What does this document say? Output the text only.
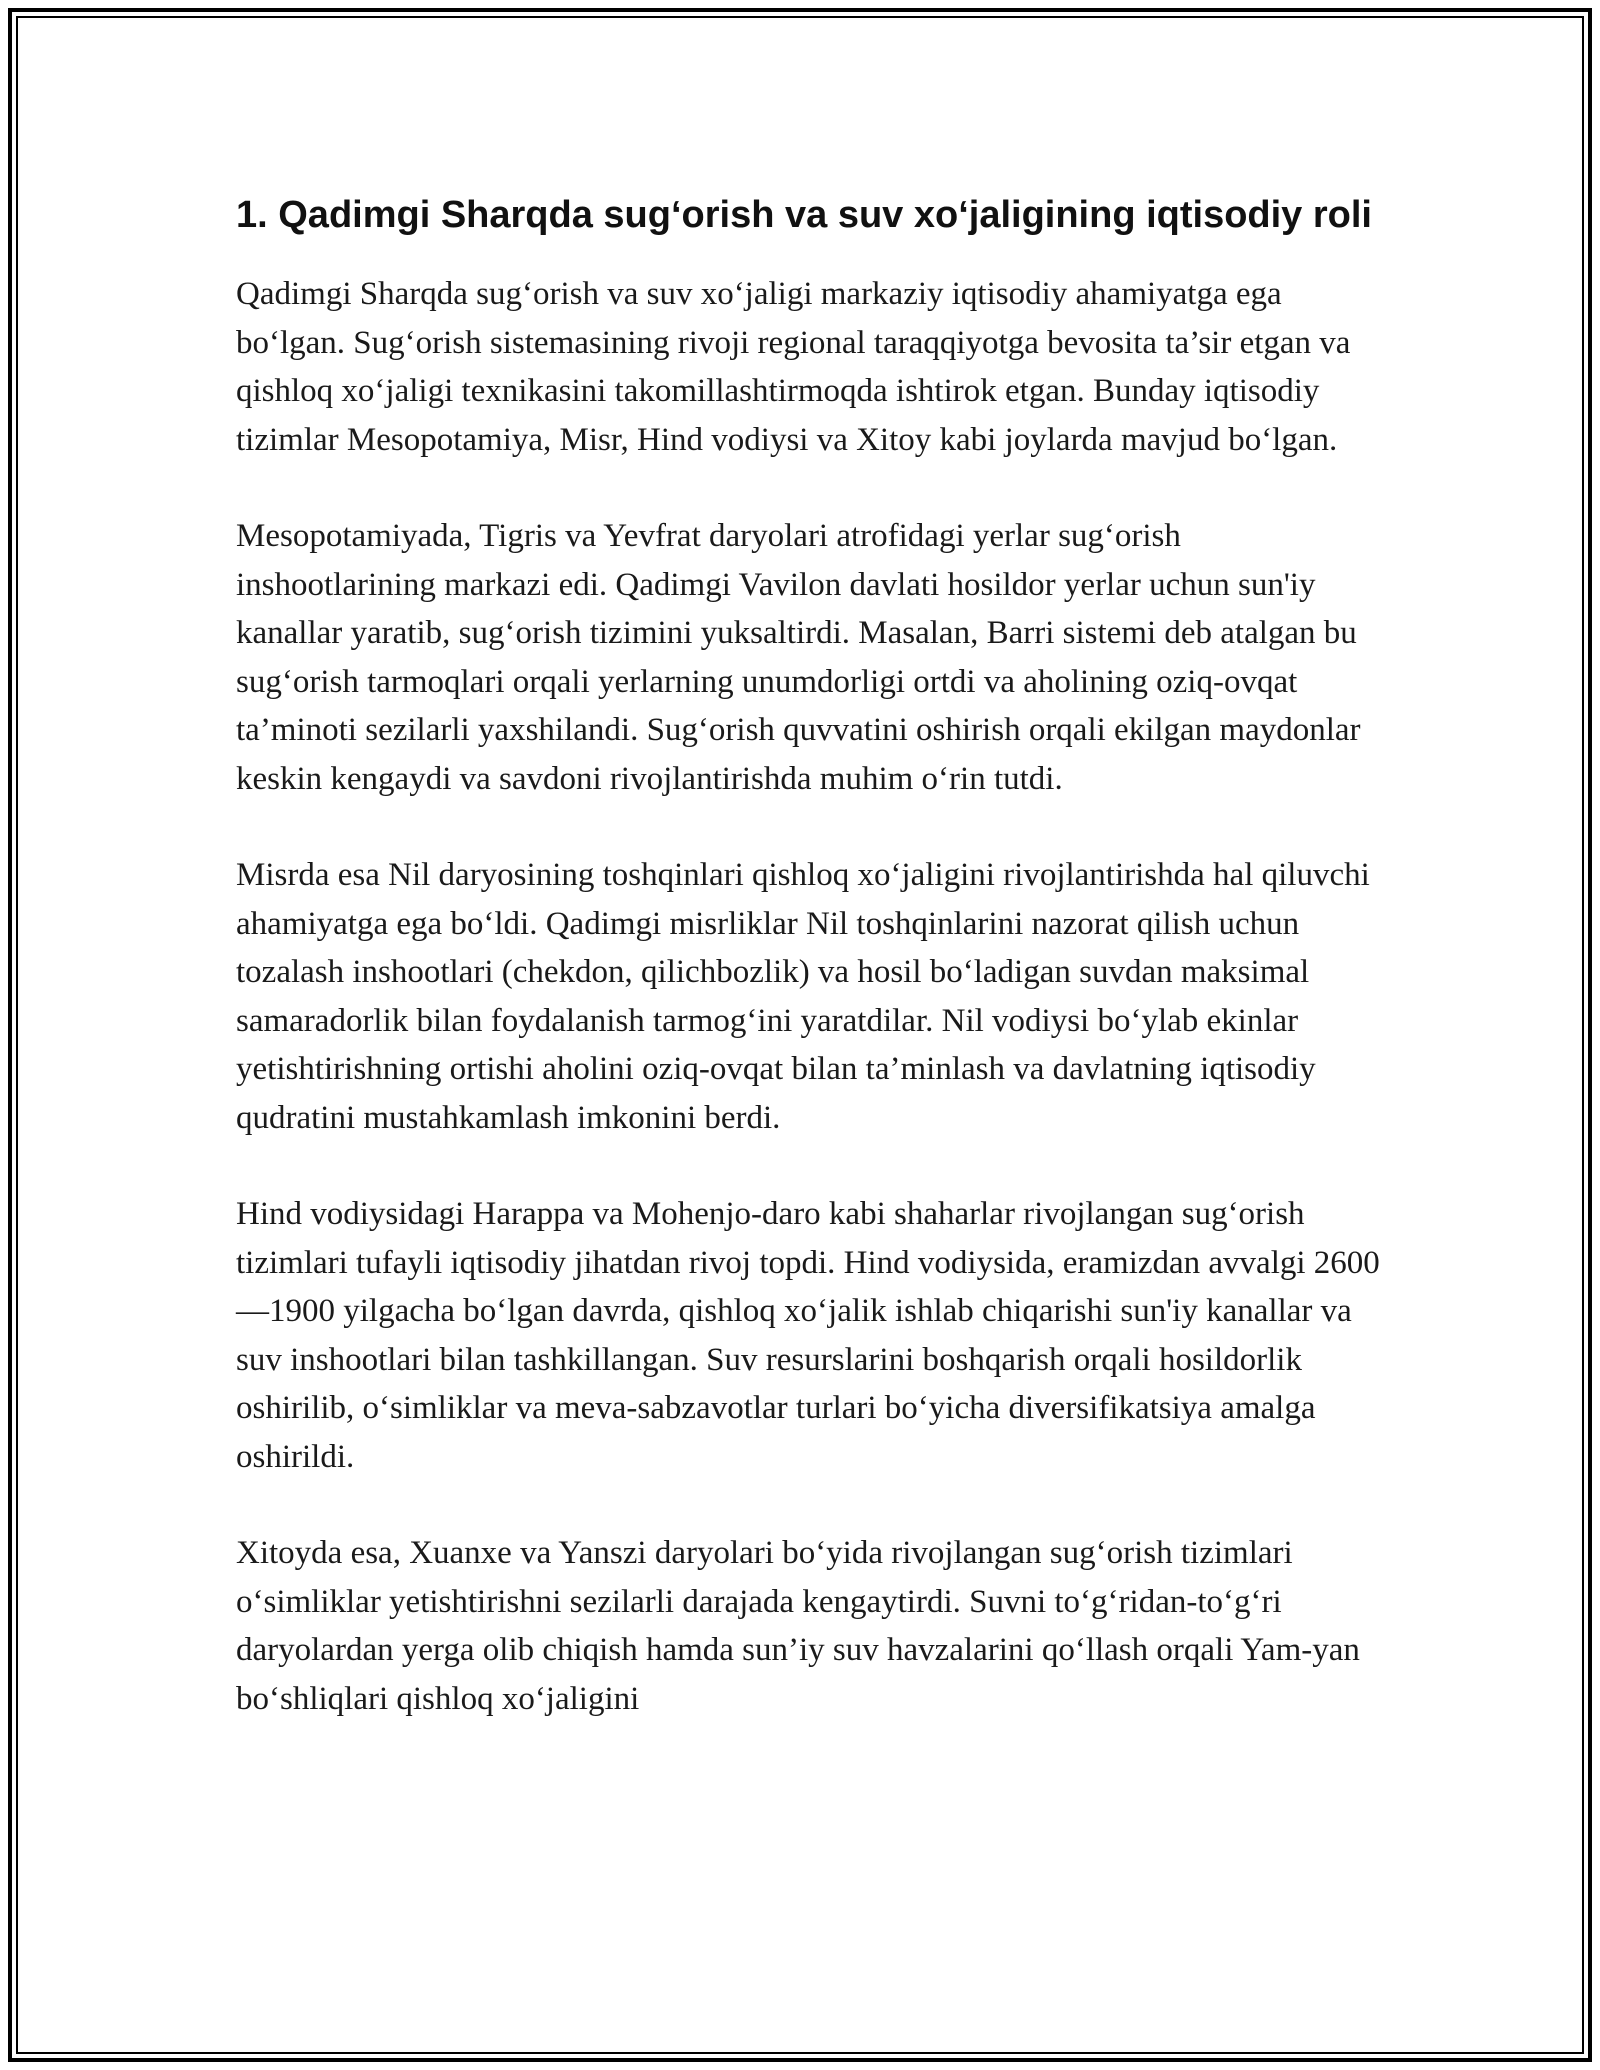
1. Qadimgi Sharqda sug‘orish va suv xo‘jaligining iqtisodiy roli

Qadimgi Sharqda sug‘orish va suv xo‘jaligi markaziy iqtisodiy ahamiyatga ega bo‘lgan. Sug‘orish sistemasining rivoji regional taraqqiyotga bevosita ta’sir etgan va qishloq xo‘jaligi texnikasini takomillashtirmoqda ishtirok etgan. Bunday iqtisodiy tizimlar Mesopotamiya, Misr, Hind vodiysi va Xitoy kabi joylarda mavjud bo‘lgan.

Mesopotamiyada, Tigris va Yevfrat daryolari atrofidagi yerlar sug‘orish inshootlarining markazi edi. Qadimgi Vavilon davlati hosildor yerlar uchun sun'iy kanallar yaratib, sug‘orish tizimini yuksaltirdi. Masalan, Barri sistemi deb atalgan bu sug‘orish tarmoqlari orqali yerlarning unumdorligi ortdi va aholining oziq-ovqat ta’minoti sezilarli yaxshilandi. Sug‘orish quvvatini oshirish orqali ekilgan maydonlar keskin kengaydi va savdoni rivojlantirishda muhim o‘rin tutdi.

Misrda esa Nil daryosining toshqinlari qishloq xo‘jaligini rivojlantirishda hal qiluvchi ahamiyatga ega bo‘ldi. Qadimgi misrliklar Nil toshqinlarini nazorat qilish uchun tozalash inshootlari (chekdon, qilichbozlik) va hosil bo‘ladigan suvdan maksimal samaradorlik bilan foydalanish tarmog‘ini yaratdilar. Nil vodiysi bo‘ylab ekinlar yetishtirishning ortishi aholini oziq-ovqat bilan ta’minlash va davlatning iqtisodiy qudratini mustahkamlash imkonini berdi.

Hind vodiysidagi Harappa va Mohenjo-daro kabi shaharlar rivojlangan sug‘orish tizimlari tufayli iqtisodiy jihatdan rivoj topdi. Hind vodiysida, eramizdan avvalgi 2600—1900 yilgacha bo‘lgan davrda, qishloq xo‘jalik ishlab chiqarishi sun'iy kanallar va suv inshootlari bilan tashkillangan. Suv resurslarini boshqarish orqali hosildorlik oshirilib, o‘simliklar va meva-sabzavotlar turlari bo‘yicha diversifikatsiya amalga oshirildi.

Xitoyda esa, Xuanxe va Yanszi daryolari bo‘yida rivojlangan sug‘orish tizimlari o‘simliklar yetishtirishni sezilarli darajada kengaytirdi. Suvni to‘g‘ridan-to‘g‘ri daryolardan yerga olib chiqish hamda sun’iy suv havzalarini qo‘llash orqali Yam-yan bo‘shliqlari qishloq xo‘jaligini
